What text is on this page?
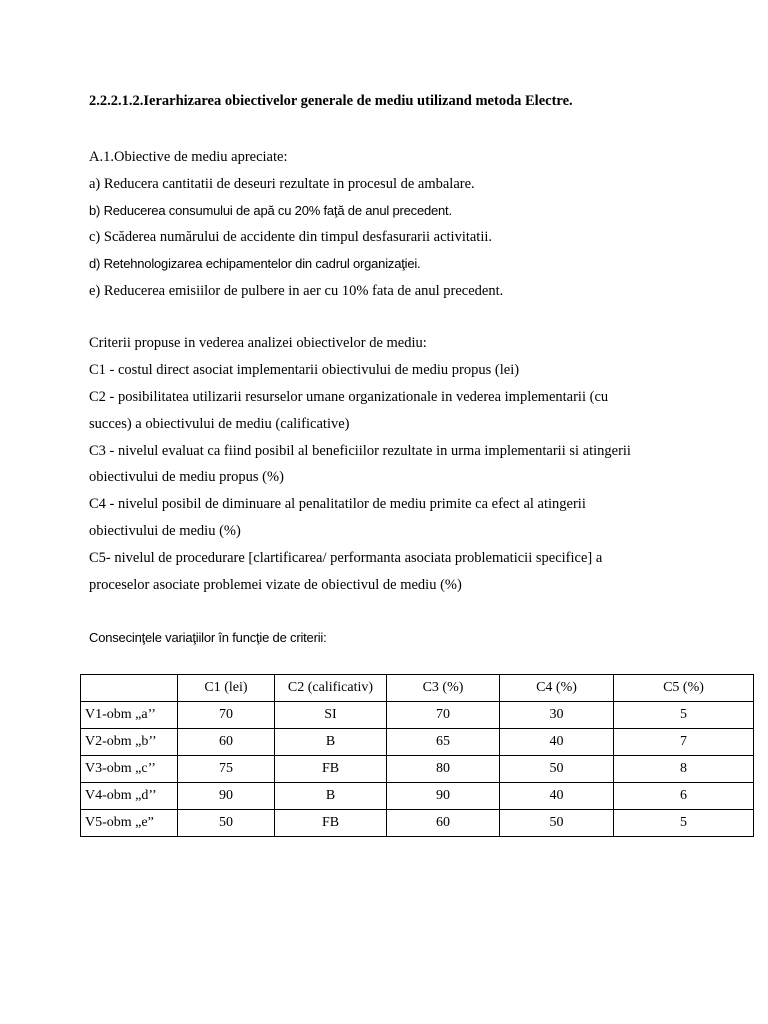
2.2.2.1.2.Ierarhizarea obiectivelor generale de mediu utilizand metoda Electre.
A.1.Obiective de mediu apreciate:
a) Reducera cantitatii de deseuri rezultate in procesul de ambalare.
b) Reducerea consumului de apă cu 20% faţă de anul precedent.
c) Scăderea numărului de accidente din timpul desfasurarii activitatii.
d) Retehnologizarea echipamentelor din cadrul organizaţiei.
e) Reducerea emisiilor de pulbere in aer cu 10% fata de anul precedent.
Criterii propuse in vederea analizei obiectivelor de mediu:
C1 - costul direct asociat implementarii obiectivului de mediu propus (lei)
C2 - posibilitatea utilizarii resurselor umane organizationale in vederea implementarii (cu
succes) a obiectivului de mediu (calificative)
C3 - nivelul evaluat ca fiind posibil al beneficiilor rezultate in urma implementarii si atingerii
obiectivului de mediu propus (%)
C4 - nivelul posibil de diminuare al penalitatilor de mediu primite ca efect al atingerii
obiectivului de mediu (%)
C5- nivelul de procedurare [clartificarea/ performanta asociata problematicii specifice] a
proceselor asociate problemei vizate de obiectivul de mediu (%)
Consecinţele variaţiilor în funcţie de criterii:
	C1 (lei)	C2 (calificativ)	C3 (%)	C4 (%)	C5 (%)
V1-obm „a’’	70	SI	70	30	5
V2-obm „b’’	60	B	65	40	7
V3-obm „c’’	75	FB	80	50	8
V4-obm „d’’	90	B	90	40	6
V5-obm „e”	50	FB	60	50	5
